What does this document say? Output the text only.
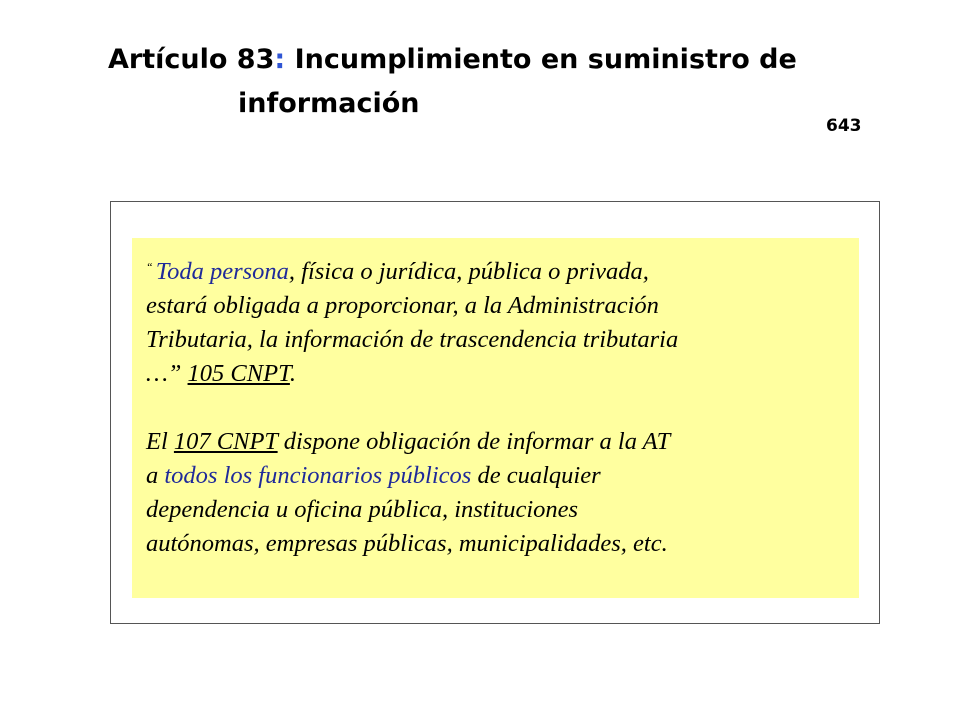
Artículo 83: Incumplimiento en suministro de
información
643

“ Toda persona, física o jurídica, pública o privada,
estará obligada a proporcionar, a la Administración
Tributaria, la información de trascendencia tributaria
…” 105 CNPT.

El 107 CNPT dispone obligación de informar a la AT
a todos los funcionarios públicos de cualquier
dependencia u oficina pública, instituciones
autónomas, empresas públicas, municipalidades, etc.
